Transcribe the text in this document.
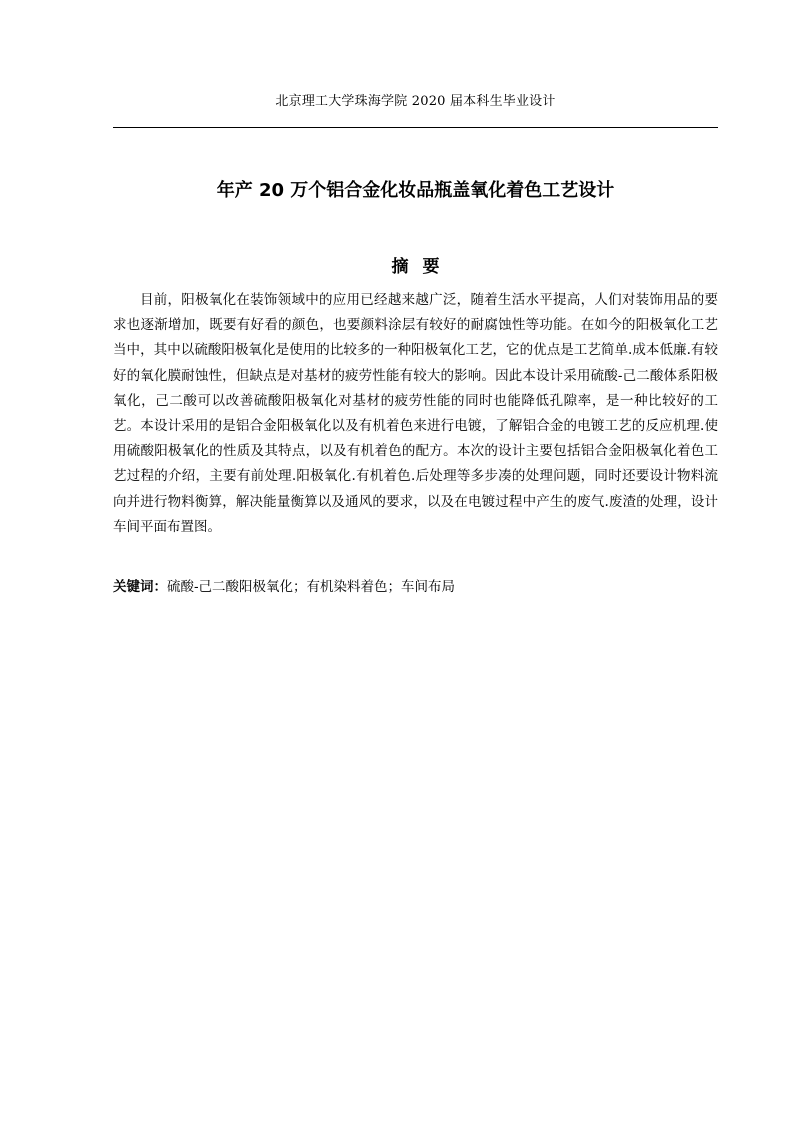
北京理工大学珠海学院 2020 届本科生毕业设计
年产 20 万个铝合金化妆品瓶盖氧化着色工艺设计
摘要

目前，阳极氧化在装饰领域中的应用已经越来越广泛，随着生活水平提高，人们对装饰用品的要求也逐渐增加，既要有好看的颜色，也要颜料涂层有较好的耐腐蚀性等功能。在如今的阳极氧化工艺当中，其中以硫酸阳极氧化是使用的比较多的一种阳极氧化工艺，它的优点是工艺简单.成本低廉.有较好的氧化膜耐蚀性，但缺点是对基材的疲劳性能有较大的影响。因此本设计采用硫酸-己二酸体系阳极氧化，己二酸可以改善硫酸阳极氧化对基材的疲劳性能的同时也能降低孔隙率，是一种比较好的工艺。本设计采用的是铝合金阳极氧化以及有机着色来进行电镀，了解铝合金的电镀工艺的反应机理.使用硫酸阳极氧化的性质及其特点，以及有机着色的配方。本次的设计主要包括铝合金阳极氧化着色工艺过程的介绍，主要有前处理.阳极氧化.有机着色.后处理等多步凑的处理问题，同时还要设计物料流向并进行物料衡算，解决能量衡算以及通风的要求，以及在电镀过程中产生的废气.废渣的处理，设计车间平面布置图。

关键词：硫酸-己二酸阳极氧化；有机染料着色；车间布局
